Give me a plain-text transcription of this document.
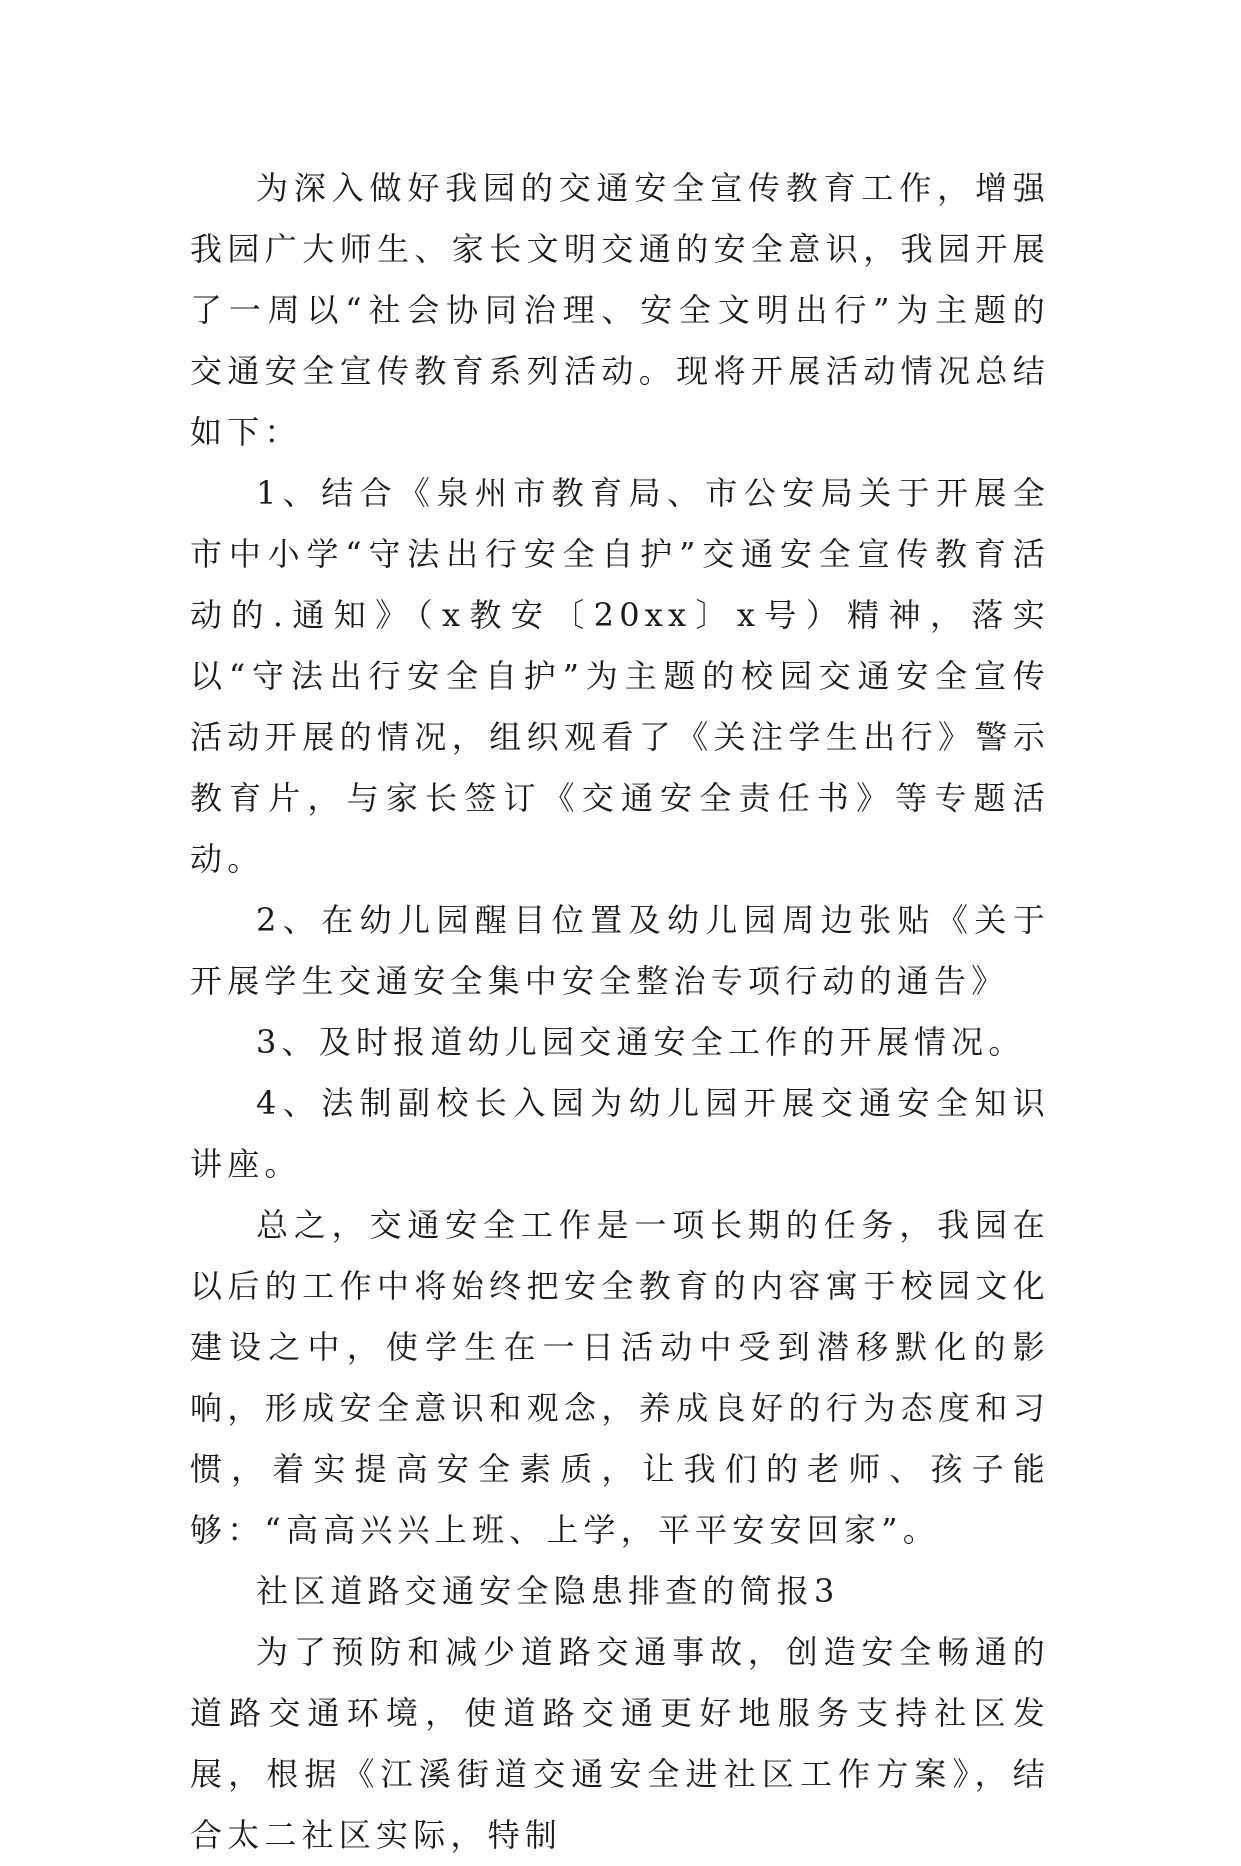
为深入做好我园的交通安全宣传教育工作，增强我园广大师生、家长文明交通的安全意识，我园开展了一周以“社会协同治理、安全文明出行”为主题的交通安全宣传教育系列活动。现将开展活动情况总结如下：

1、结合《泉州市教育局、市公安局关于开展全市中小学“守法出行安全自护”交通安全宣传教育活动的.通知》（x教安〔20xx〕x号）精神，落实以“守法出行安全自护”为主题的校园交通安全宣传活动开展的情况，组织观看了《关注学生出行》警示教育片，与家长签订《交通安全责任书》等专题活动。

2、在幼儿园醒目位置及幼儿园周边张贴《关于开展学生交通安全集中安全整治专项行动的通告》

3、及时报道幼儿园交通安全工作的开展情况。

4、法制副校长入园为幼儿园开展交通安全知识讲座。

总之，交通安全工作是一项长期的任务，我园在以后的工作中将始终把安全教育的内容寓于校园文化建设之中，使学生在一日活动中受到潜移默化的影响，形成安全意识和观念，养成良好的行为态度和习惯，着实提高安全素质，让我们的老师、孩子能够：“高高兴兴上班、上学，平平安安回家”。

社区道路交通安全隐患排查的简报3

为了预防和减少道路交通事故，创造安全畅通的道路交通环境，使道路交通更好地服务支持社区发展，根据《江溪街道交通安全进社区工作方案》，结合太二社区实际，特制
